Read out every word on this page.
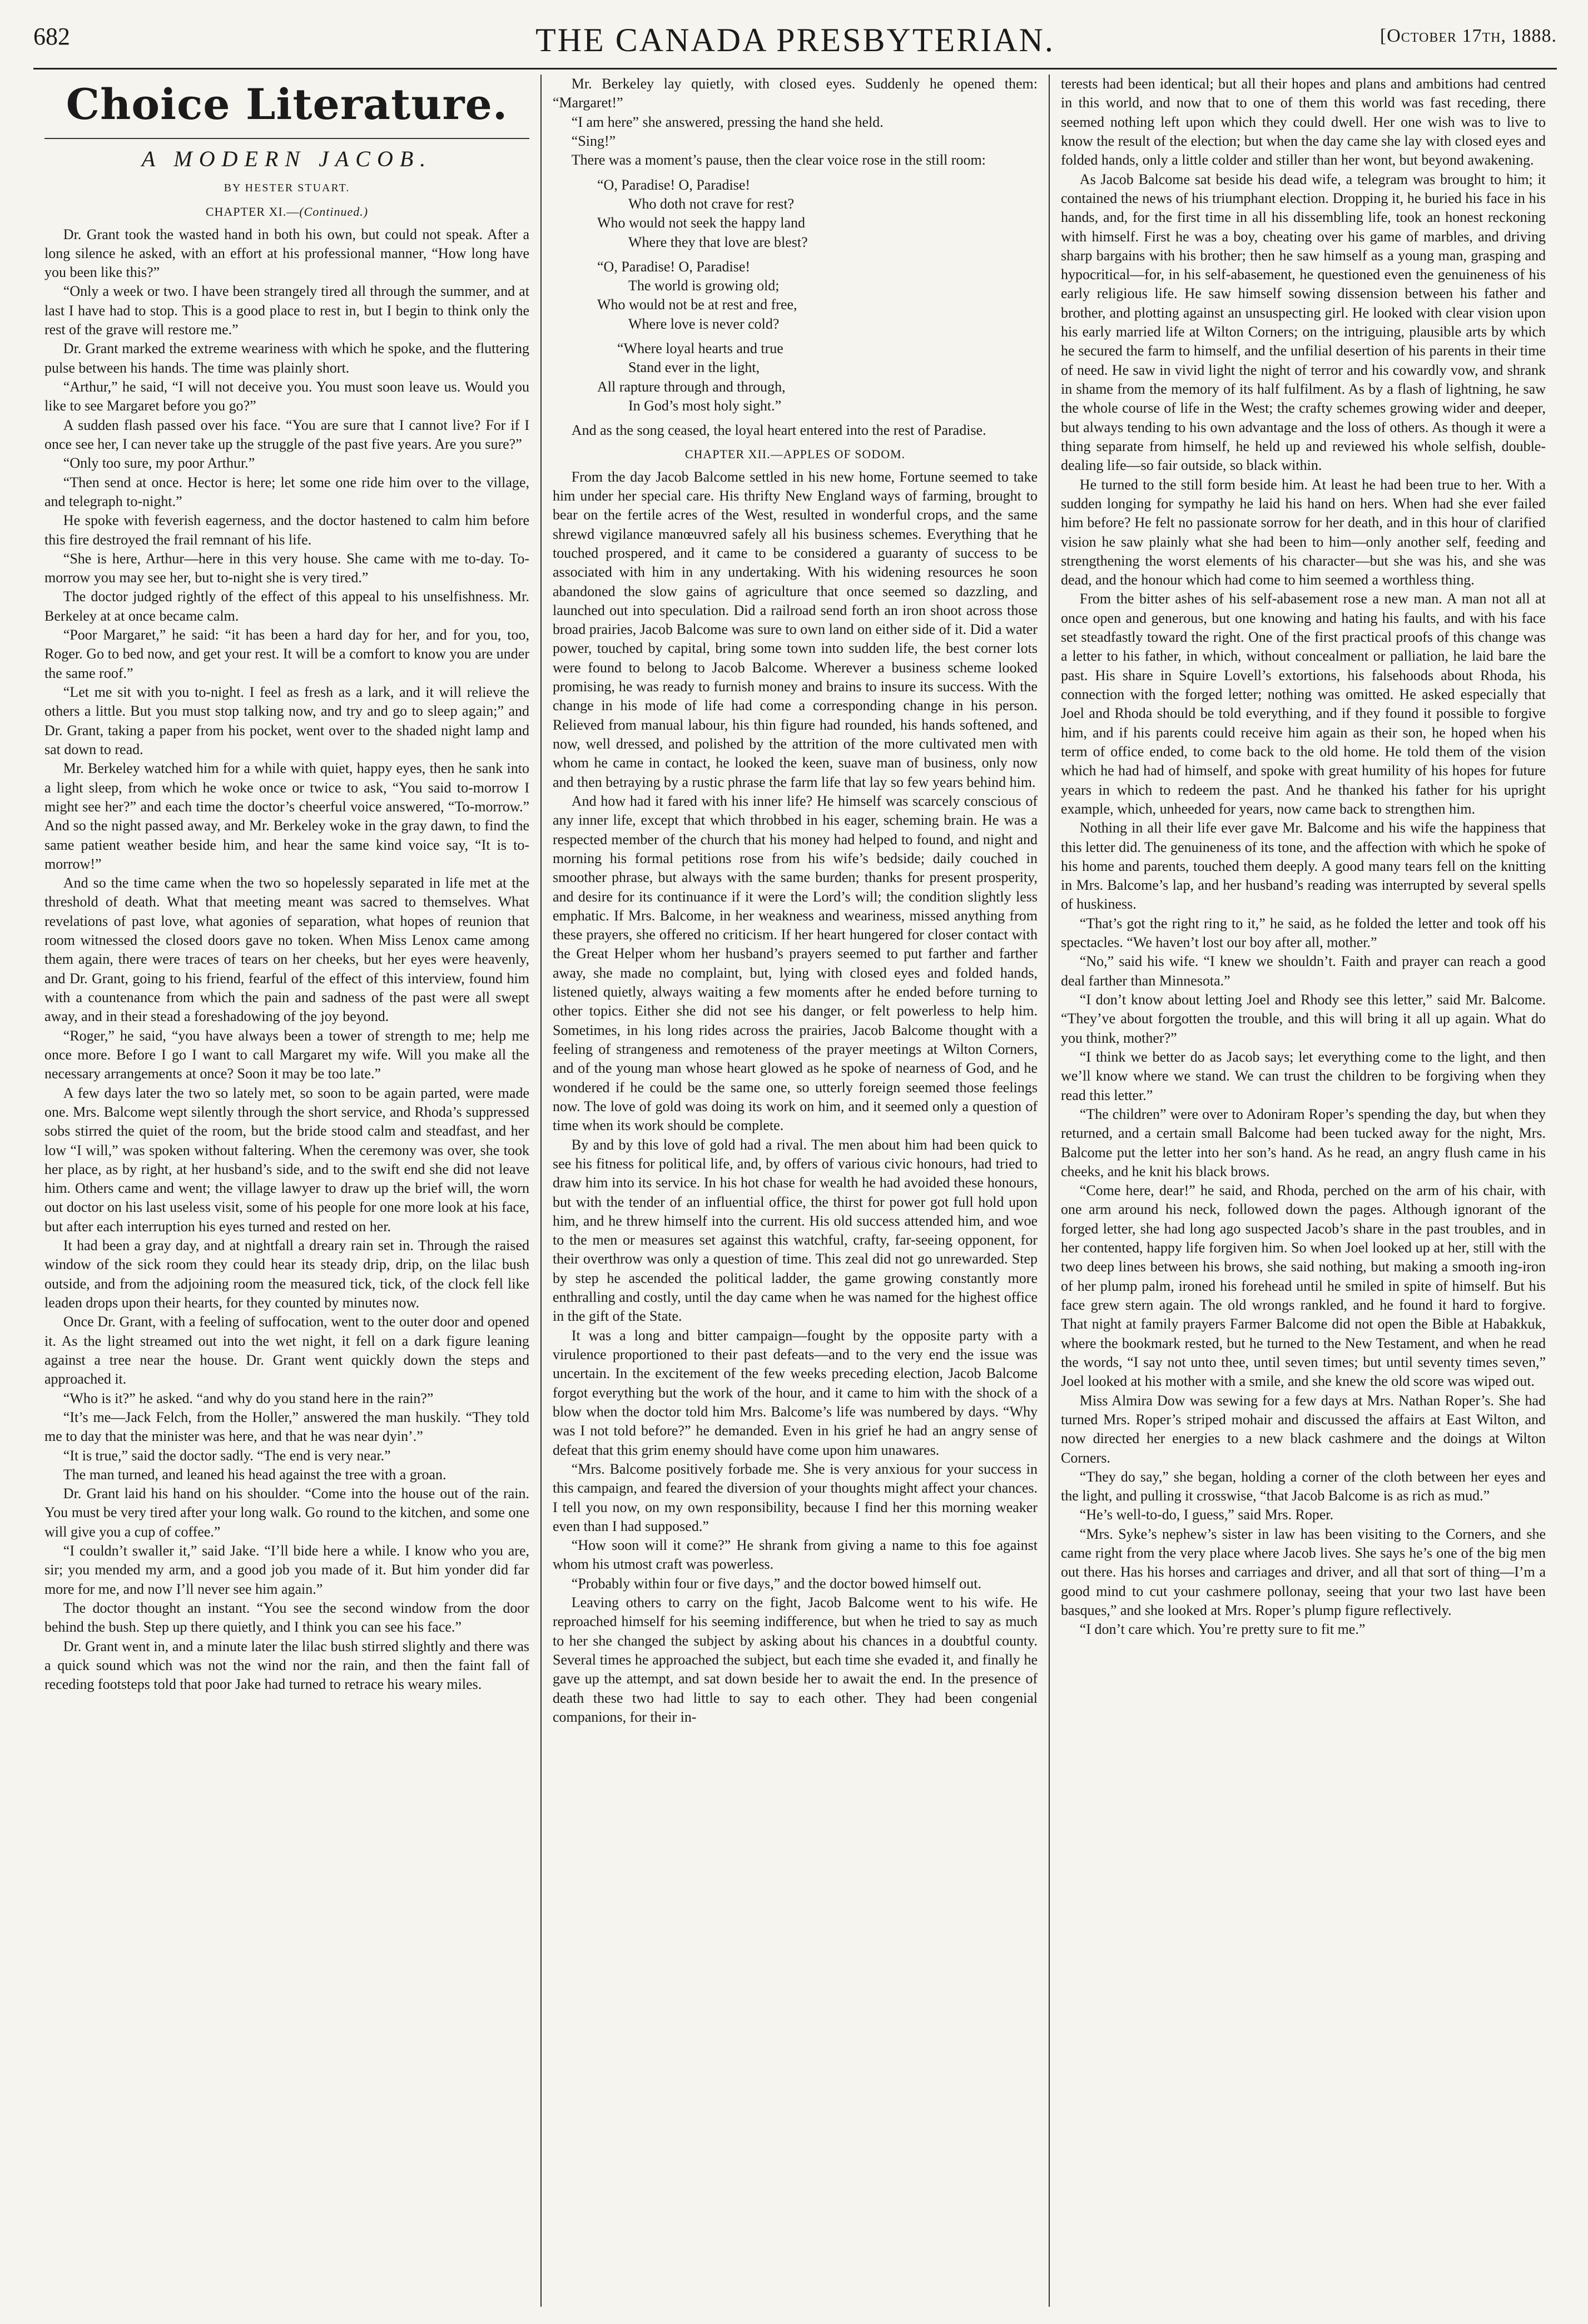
682	THE CANADA PRESBYTERIAN.	[October 17th, 1888.
Choice Literature.
A MODERN JACOB.
BY HESTER STUART.
CHAPTER XI.—(Continued.)

Dr. Grant took the wasted hand in both his own, but could not speak. After a long silence he asked, with an effort at his professional manner, “How long have you been like this?”

“Only a week or two. I have been strangely tired all through the summer, and at last I have had to stop. This is a good place to rest in, but I begin to think only the rest of the grave will restore me.”

Dr. Grant marked the extreme weariness with which he spoke, and the fluttering pulse between his hands. The time was plainly short.

“Arthur,” he said, “I will not deceive you. You must soon leave us. Would you like to see Margaret before you go?”

A sudden flash passed over his face. “You are sure that I cannot live? For if I once see her, I can never take up the struggle of the past five years. Are you sure?”

“Only too sure, my poor Arthur.”

“Then send at once. Hector is here; let some one ride him over to the village, and telegraph to-night.”

He spoke with feverish eagerness, and the doctor hastened to calm him before this fire destroyed the frail remnant of his life.

“She is here, Arthur—here in this very house. She came with me to-day. To-morrow you may see her, but to-night she is very tired.”

The doctor judged rightly of the effect of this appeal to his unselfishness. Mr. Berkeley at at once became calm.

“Poor Margaret,” he said: “it has been a hard day for her, and for you, too, Roger. Go to bed now, and get your rest. It will be a comfort to know you are under the same roof.”

“Let me sit with you to-night. I feel as fresh as a lark, and it will relieve the others a little. But you must stop talking now, and try and go to sleep again;” and Dr. Grant, taking a paper from his pocket, went over to the shaded night lamp and sat down to read.

Mr. Berkeley watched him for a while with quiet, happy eyes, then he sank into a light sleep, from which he woke once or twice to ask, “You said to-morrow I might see her?” and each time the doctor’s cheerful voice answered, “To-morrow.” And so the night passed away, and Mr. Berkeley woke in the gray dawn, to find the same patient weather beside him, and hear the same kind voice say, “It is to-morrow!”

And so the time came when the two so hopelessly separated in life met at the threshold of death. What that meeting meant was sacred to themselves. What revelations of past love, what agonies of separation, what hopes of reunion that room witnessed the closed doors gave no token. When Miss Lenox came among them again, there were traces of tears on her cheeks, but her eyes were heavenly, and Dr. Grant, going to his friend, fearful of the effect of this interview, found him with a countenance from which the pain and sadness of the past were all swept away, and in their stead a foreshadowing of the joy beyond.

“Roger,” he said, “you have always been a tower of strength to me; help me once more. Before I go I want to call Margaret my wife. Will you make all the necessary arrangements at once? Soon it may be too late.”

A few days later the two so lately met, so soon to be again parted, were made one. Mrs. Balcome wept silently through the short service, and Rhoda’s suppressed sobs stirred the quiet of the room, but the bride stood calm and steadfast, and her low “I will,” was spoken without faltering. When the ceremony was over, she took her place, as by right, at her husband’s side, and to the swift end she did not leave him. Others came and went; the village lawyer to draw up the brief will, the worn out doctor on his last useless visit, some of his people for one more look at his face, but after each interruption his eyes turned and rested on her.

It had been a gray day, and at nightfall a dreary rain set in. Through the raised window of the sick room they could hear its steady drip, drip, on the lilac bush outside, and from the adjoining room the measured tick, tick, of the clock fell like leaden drops upon their hearts, for they counted by minutes now.

Once Dr. Grant, with a feeling of suffocation, went to the outer door and opened it. As the light streamed out into the wet night, it fell on a dark figure leaning against a tree near the house. Dr. Grant went quickly down the steps and approached it.

“Who is it?” he asked. “and why do you stand here in the rain?”

“It’s me—Jack Felch, from the Holler,” answered the man huskily. “They told me to day that the minister was here, and that he was near dyin’.”

“It is true,” said the doctor sadly. “The end is very near.”

The man turned, and leaned his head against the tree with a groan.

Dr. Grant laid his hand on his shoulder. “Come into the house out of the rain. You must be very tired after your long walk. Go round to the kitchen, and some one will give you a cup of coffee.”

“I couldn’t swaller it,” said Jake. “I’ll bide here a while. I know who you are, sir; you mended my arm, and a good job you made of it. But him yonder did far more for me, and now I’ll never see him again.”

The doctor thought an instant. “You see the second window from the door behind the bush. Step up there quietly, and I think you can see his face.”

Dr. Grant went in, and a minute later the lilac bush stirred slightly and there was a quick sound which was not the wind nor the rain, and then the faint fall of receding footsteps told that poor Jake had turned to retrace his weary miles.

Mr. Berkeley lay quietly, with closed eyes. Suddenly he opened them: “Margaret!”

“I am here” she answered, pressing the hand she held.

“Sing!”

There was a moment’s pause, then the clear voice rose in the still room:

“O, Paradise! O, Paradise!
Who doth not crave for rest?
Who would not seek the happy land
Where they that love are blest?
“O, Paradise! O, Paradise!
The world is growing old;
Who would not be at rest and free,
Where love is never cold?
“Where loyal hearts and true
Stand ever in the light,
All rapture through and through,
In God’s most holy sight.”

And as the song ceased, the loyal heart entered into the rest of Paradise.

CHAPTER XII.—APPLES OF SODOM.

From the day Jacob Balcome settled in his new home, Fortune seemed to take him under her special care. His thrifty New England ways of farming, brought to bear on the fertile acres of the West, resulted in wonderful crops, and the same shrewd vigilance manœuvred safely all his business schemes. Everything that he touched prospered, and it came to be considered a guaranty of success to be associated with him in any undertaking. With his widening resources he soon abandoned the slow gains of agriculture that once seemed so dazzling, and launched out into speculation. Did a railroad send forth an iron shoot across those broad prairies, Jacob Balcome was sure to own land on either side of it. Did a water power, touched by capital, bring some town into sudden life, the best corner lots were found to belong to Jacob Balcome. Wherever a business scheme looked promising, he was ready to furnish money and brains to insure its success. With the change in his mode of life had come a corresponding change in his person. Relieved from manual labour, his thin figure had rounded, his hands softened, and now, well dressed, and polished by the attrition of the more cultivated men with whom he came in contact, he looked the keen, suave man of business, only now and then betraying by a rustic phrase the farm life that lay so few years behind him.

And how had it fared with his inner life? He himself was scarcely conscious of any inner life, except that which throbbed in his eager, scheming brain. He was a respected member of the church that his money had helped to found, and night and morning his formal petitions rose from his wife’s bedside; daily couched in smoother phrase, but always with the same burden; thanks for present prosperity, and desire for its continuance if it were the Lord’s will; the condition slightly less emphatic. If Mrs. Balcome, in her weakness and weariness, missed anything from these prayers, she offered no criticism. If her heart hungered for closer contact with the Great Helper whom her husband’s prayers seemed to put farther and farther away, she made no complaint, but, lying with closed eyes and folded hands, listened quietly, always waiting a few moments after he ended before turning to other topics. Either she did not see his danger, or felt powerless to help him. Sometimes, in his long rides across the prairies, Jacob Balcome thought with a feeling of strangeness and remoteness of the prayer meetings at Wilton Corners, and of the young man whose heart glowed as he spoke of nearness of God, and he wondered if he could be the same one, so utterly foreign seemed those feelings now. The love of gold was doing its work on him, and it seemed only a question of time when its work should be complete.

By and by this love of gold had a rival. The men about him had been quick to see his fitness for political life, and, by offers of various civic honours, had tried to draw him into its service. In his hot chase for wealth he had avoided these honours, but with the tender of an influential office, the thirst for power got full hold upon him, and he threw himself into the current. His old success attended him, and woe to the men or measures set against this watchful, crafty, far-seeing opponent, for their overthrow was only a question of time. This zeal did not go unrewarded. Step by step he ascended the political ladder, the game growing constantly more enthralling and costly, until the day came when he was named for the highest office in the gift of the State.

It was a long and bitter campaign—fought by the opposite party with a virulence proportioned to their past defeats—and to the very end the issue was uncertain. In the excitement of the few weeks preceding election, Jacob Balcome forgot everything but the work of the hour, and it came to him with the shock of a blow when the doctor told him Mrs. Balcome’s life was numbered by days. “Why was I not told before?” he demanded. Even in his grief he had an angry sense of defeat that this grim enemy should have come upon him unawares.

“Mrs. Balcome positively forbade me. She is very anxious for your success in this campaign, and feared the diversion of your thoughts might affect your chances. I tell you now, on my own responsibility, because I find her this morning weaker even than I had supposed.”

“How soon will it come?” He shrank from giving a name to this foe against whom his utmost craft was powerless.

“Probably within four or five days,” and the doctor bowed himself out.

Leaving others to carry on the fight, Jacob Balcome went to his wife. He reproached himself for his seeming indifference, but when he tried to say as much to her she changed the subject by asking about his chances in a doubtful county. Several times he approached the subject, but each time she evaded it, and finally he gave up the attempt, and sat down beside her to await the end. In the presence of death these two had little to say to each other. They had been congenial companions, for their in-

terests had been identical; but all their hopes and plans and ambitions had centred in this world, and now that to one of them this world was fast receding, there seemed nothing left upon which they could dwell. Her one wish was to live to know the result of the election; but when the day came she lay with closed eyes and folded hands, only a little colder and stiller than her wont, but beyond awakening.

As Jacob Balcome sat beside his dead wife, a telegram was brought to him; it contained the news of his triumphant election. Dropping it, he buried his face in his hands, and, for the first time in all his dissembling life, took an honest reckoning with himself. First he was a boy, cheating over his game of marbles, and driving sharp bargains with his brother; then he saw himself as a young man, grasping and hypocritical—for, in his self-abasement, he questioned even the genuineness of his early religious life. He saw himself sowing dissension between his father and brother, and plotting against an unsuspecting girl. He looked with clear vision upon his early married life at Wilton Corners; on the intriguing, plausible arts by which he secured the farm to himself, and the unfilial desertion of his parents in their time of need. He saw in vivid light the night of terror and his cowardly vow, and shrank in shame from the memory of its half fulfilment. As by a flash of lightning, he saw the whole course of life in the West; the crafty schemes growing wider and deeper, but always tending to his own advantage and the loss of others. As though it were a thing separate from himself, he held up and reviewed his whole selfish, double-dealing life—so fair outside, so black within.

He turned to the still form beside him. At least he had been true to her. With a sudden longing for sympathy he laid his hand on hers. When had she ever failed him before? He felt no passionate sorrow for her death, and in this hour of clarified vision he saw plainly what she had been to him—only another self, feeding and strengthening the worst elements of his character—but she was his, and she was dead, and the honour which had come to him seemed a worthless thing.

From the bitter ashes of his self-abasement rose a new man. A man not all at once open and generous, but one knowing and hating his faults, and with his face set steadfastly toward the right. One of the first practical proofs of this change was a letter to his father, in which, without concealment or palliation, he laid bare the past. His share in Squire Lovell’s extortions, his falsehoods about Rhoda, his connection with the forged letter; nothing was omitted. He asked especially that Joel and Rhoda should be told everything, and if they found it possible to forgive him, and if his parents could receive him again as their son, he hoped when his term of office ended, to come back to the old home. He told them of the vision which he had had of himself, and spoke with great humility of his hopes for future years in which to redeem the past. And he thanked his father for his upright example, which, unheeded for years, now came back to strengthen him.

Nothing in all their life ever gave Mr. Balcome and his wife the happiness that this letter did. The genuineness of its tone, and the affection with which he spoke of his home and parents, touched them deeply. A good many tears fell on the knitting in Mrs. Balcome’s lap, and her husband’s reading was interrupted by several spells of huskiness.

“That’s got the right ring to it,” he said, as he folded the letter and took off his spectacles. “We haven’t lost our boy after all, mother.”

“No,” said his wife. “I knew we shouldn’t. Faith and prayer can reach a good deal farther than Minnesota.”

“I don’t know about letting Joel and Rhody see this letter,” said Mr. Balcome. “They’ve about forgotten the trouble, and this will bring it all up again. What do you think, mother?”

“I think we better do as Jacob says; let everything come to the light, and then we’ll know where we stand. We can trust the children to be forgiving when they read this letter.”

“The children” were over to Adoniram Roper’s spending the day, but when they returned, and a certain small Balcome had been tucked away for the night, Mrs. Balcome put the letter into her son’s hand. As he read, an angry flush came in his cheeks, and he knit his black brows.

“Come here, dear!” he said, and Rhoda, perched on the arm of his chair, with one arm around his neck, followed down the pages. Although ignorant of the forged letter, she had long ago suspected Jacob’s share in the past troubles, and in her contented, happy life forgiven him. So when Joel looked up at her, still with the two deep lines between his brows, she said nothing, but making a smooth ing-iron of her plump palm, ironed his forehead until he smiled in spite of himself. But his face grew stern again. The old wrongs rankled, and he found it hard to forgive. That night at family prayers Farmer Balcome did not open the Bible at Habakkuk, where the bookmark rested, but he turned to the New Testament, and when he read the words, “I say not unto thee, until seven times; but until seventy times seven,” Joel looked at his mother with a smile, and she knew the old score was wiped out.

Miss Almira Dow was sewing for a few days at Mrs. Nathan Roper’s. She had turned Mrs. Roper’s striped mohair and discussed the affairs at East Wilton, and now directed her energies to a new black cashmere and the doings at Wilton Corners.

“They do say,” she began, holding a corner of the cloth between her eyes and the light, and pulling it crosswise, “that Jacob Balcome is as rich as mud.”

“He’s well-to-do, I guess,” said Mrs. Roper.

“Mrs. Syke’s nephew’s sister in law has been visiting to the Corners, and she came right from the very place where Jacob lives. She says he’s one of the big men out there. Has his horses and carriages and driver, and all that sort of thing—I’m a good mind to cut your cashmere pollonay, seeing that your two last have been basques,” and she looked at Mrs. Roper’s plump figure reflectively.

“I don’t care which. You’re pretty sure to fit me.”
